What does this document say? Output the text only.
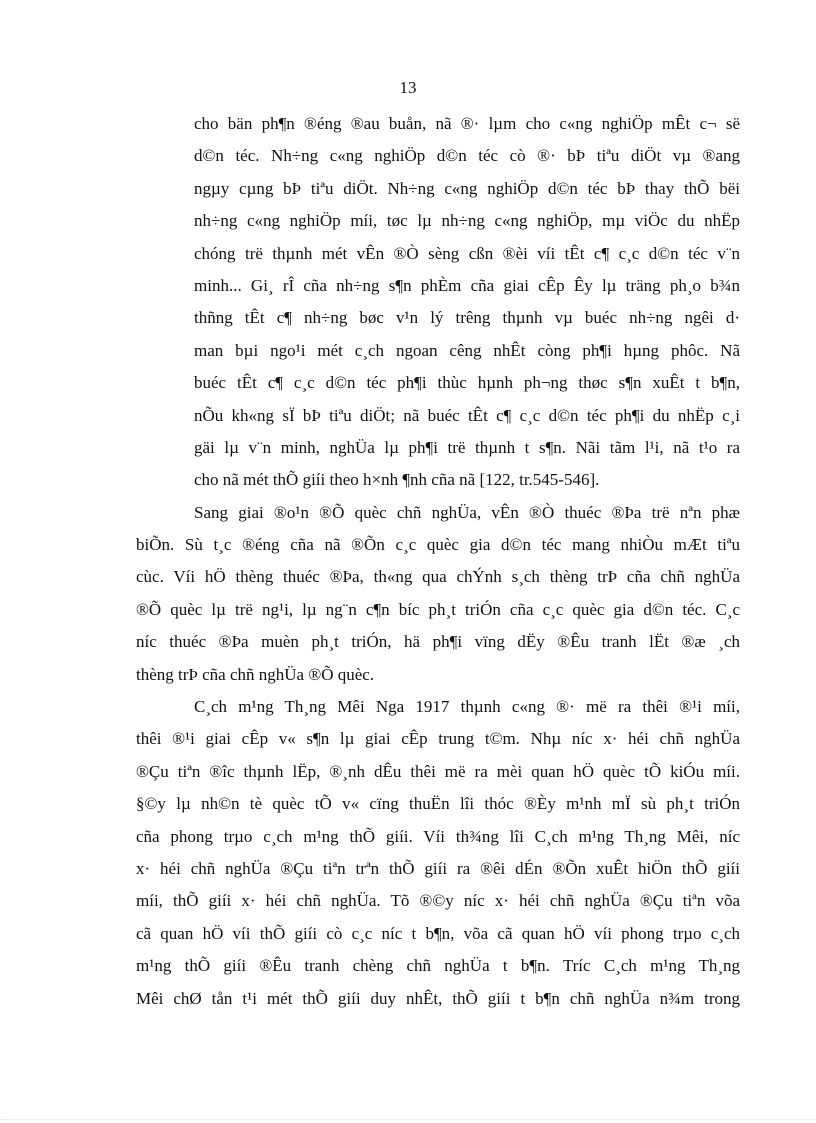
13
cho bän ph¶n ®éng ®au buån, nã ®· lµm cho c«ng nghiÖp mÊt c¬ së
d©n téc. Nh÷ng c«ng nghiÖp d©n téc cò ®· bÞ tiªu diÖt vµ ®ang
ngµy cµng bÞ tiªu diÖt. Nh÷ng c«ng nghiÖp d©n téc bÞ thay thÕ bëi
nh÷ng c«ng nghiÖp míi, tøc lµ nh÷ng c«ng nghiÖp, mµ viÖc du nhËp
chóng trë thµnh mét vÊn ®Ò sèng cßn ®èi víi tÊt c¶ c¸c d©n téc v¨n
minh... Gi¸ rÎ cña nh÷ng s¶n phÈm cña giai cÊp Êy lµ träng ph¸o b¾n
thñng tÊt c¶ nh÷ng bøc v¹n lý trêng thµnh vµ buéc nh÷ng ngêi d·
man bµi ngo¹i mét c¸ch ngoan cêng nhÊt còng ph¶i hµng phôc. Nã
buéc tÊt c¶ c¸c d©n téc ph¶i thùc hµnh ph¬ng thøc s¶n xuÊt t b¶n,
nÕu kh«ng sÏ bÞ tiªu diÖt; nã buéc tÊt c¶ c¸c d©n téc ph¶i du nhËp c¸i
gäi lµ v¨n minh, nghÜa lµ ph¶i trë thµnh t s¶n. Nãi tãm l¹i, nã t¹o ra
cho nã mét thÕ giíi theo h×nh ¶nh cña nã [122, tr.545-546].
Sang giai ®o¹n ®Õ quèc chñ nghÜa, vÊn ®Ò thuéc ®Þa trë nªn phæ
biÕn. Sù t¸c ®éng cña nã ®Õn c¸c quèc gia d©n téc mang nhiÒu mÆt tiªu
cùc. Víi hÖ thèng thuéc ®Þa, th«ng qua chÝnh s¸ch thèng trÞ cña chñ nghÜa
®Õ quèc lµ trë ng¹i, lµ ng¨n c¶n bíc ph¸t triÓn cña c¸c quèc gia d©n téc. C¸c
níc thuéc ®Þa muèn ph¸t triÓn, hä ph¶i vïng dËy ®Êu tranh lËt ®æ ¸ch
thèng trÞ cña chñ nghÜa ®Õ quèc.
C¸ch m¹ng Th¸ng Mêi Nga 1917 thµnh c«ng ®· më ra thêi ®¹i míi,
thêi ®¹i giai cÊp v« s¶n lµ giai cÊp trung t©m. Nhµ níc x· héi chñ nghÜa
®Çu tiªn ®îc thµnh lËp, ®¸nh dÊu thêi më ra mèi quan hÖ quèc tÕ kiÓu míi.
§©y lµ nh©n tè quèc tÕ v« cïng thuËn lîi thóc ®Èy m¹nh mÏ sù ph¸t triÓn
cña phong trµo c¸ch m¹ng thÕ giíi. Víi th¾ng lîi C¸ch m¹ng Th¸ng Mêi, níc
x· héi chñ nghÜa ®Çu tiªn trªn thÕ giíi ra ®êi dÉn ®Õn xuÊt hiÖn thÕ giíi
míi, thÕ giíi x· héi chñ nghÜa. Tõ ®©y níc x· héi chñ nghÜa ®Çu tiªn võa
cã quan hÖ víi thÕ giíi cò c¸c níc t b¶n, võa cã quan hÖ víi phong trµo c¸ch
m¹ng thÕ giíi ®Êu tranh chèng chñ nghÜa t b¶n. Tríc C¸ch m¹ng Th¸ng
Mêi chØ tån t¹i mét thÕ giíi duy nhÊt, thÕ giíi t b¶n chñ nghÜa n¾m trong
